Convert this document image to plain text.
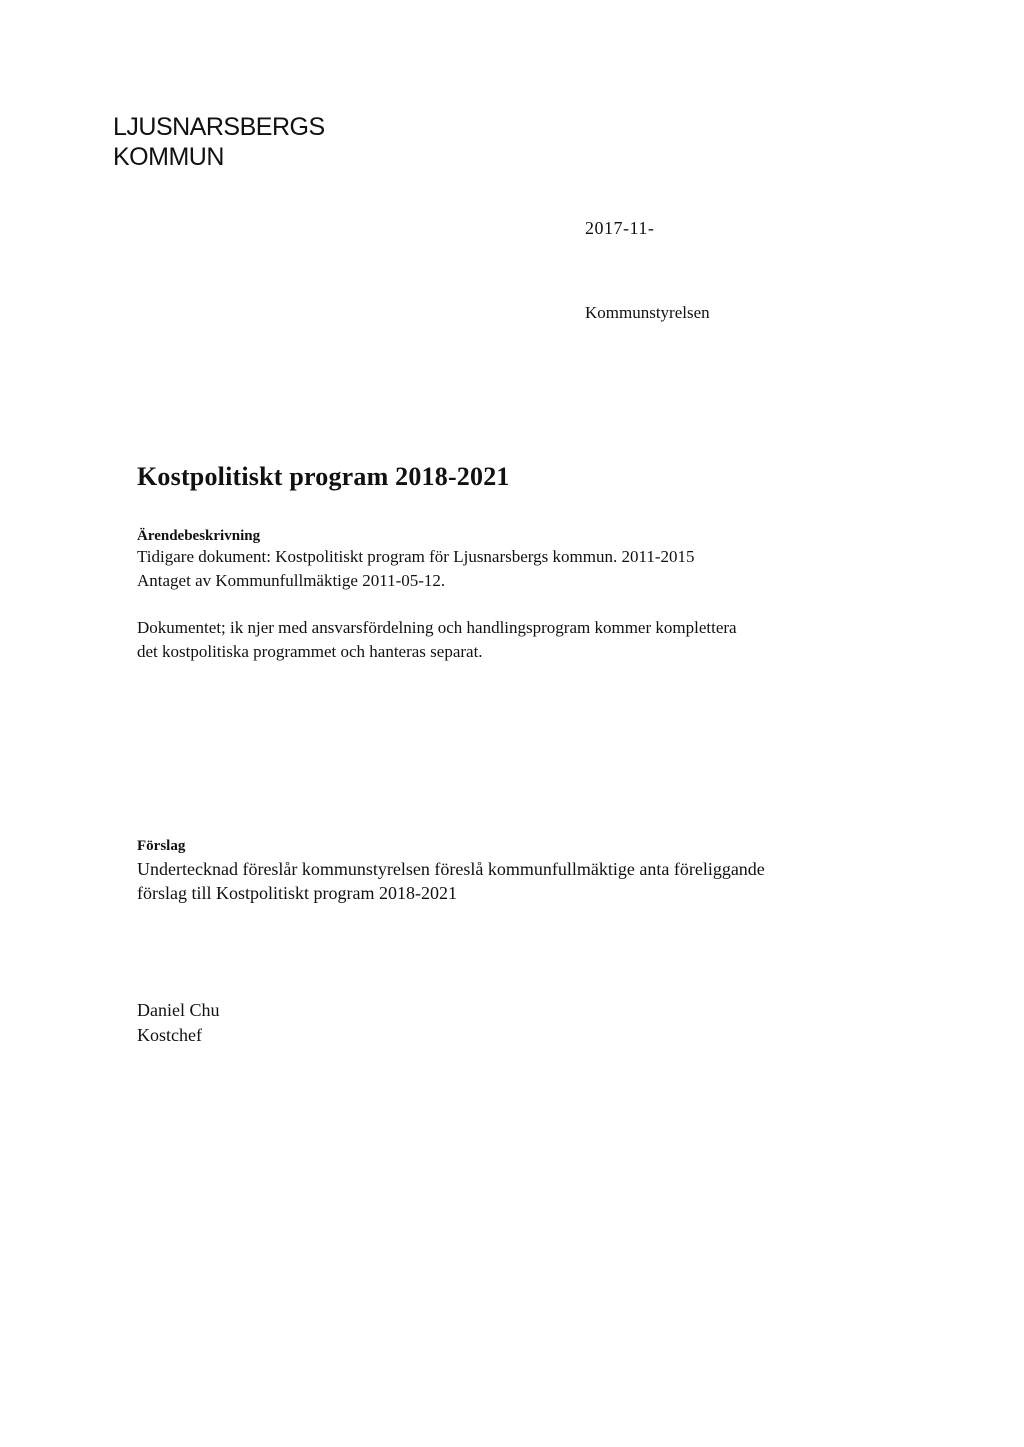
LJUSNARSBERGS
KOMMUN
2017-11-
Kommunstyrelsen
Kostpolitiskt program 2018-2021
Ärendebeskrivning
Tidigare dokument: Kostpolitiskt program för Ljusnarsbergs kommun. 2011-2015
Antaget av Kommunfullmäktige 2011-05-12.
Dokumentet; ik njer med ansvarsfördelning och handlingsprogram kommer komplettera
det kostpolitiska programmet och hanteras separat.
Förslag
Undertecknad föreslår kommunstyrelsen föreslå kommunfullmäktige anta föreliggande
förslag till Kostpolitiskt program 2018-2021
Daniel Chu
Kostchef
